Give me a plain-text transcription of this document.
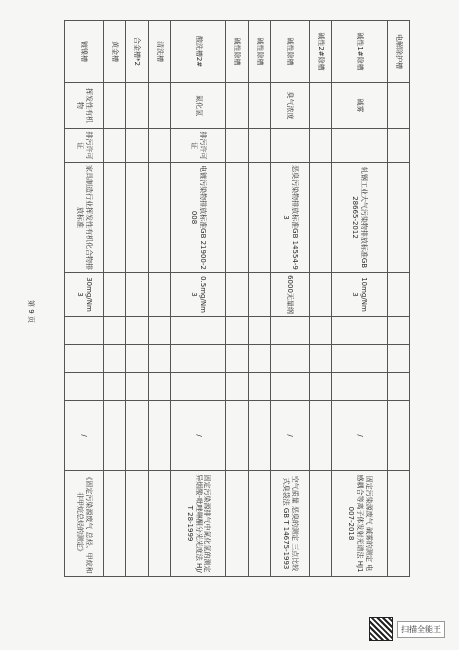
电解除护槽									
碱性1#除槽	碱雾		轧钢工业大气污染物排放标准GB 28665-2012	10mg/Nm3				/	固定污染源废气 碱雾的测定 电感耦合等离子体发射光谱法 HJ1007-2018
碱性2#除槽									
碱性除槽	臭气浓度		恶臭污染物排放标准GB 14554-93	6000无量纲				/	空气质量 恶臭的测定 三点比较式臭袋法 GB T 14675-1993
碱性除槽									
碱性除槽									
酸洗槽2#	氮化氢	排污许可证	电镀污染物排放标准GB 21900-2008	0.5mg/Nm3				/	固定污染源排气中氮化氢的测定 异烟酸-吡唑啉酮分光光度法 HJ/T 28-1999
清洗槽									
合金槽*2									
黄金槽									
镀镍槽	挥发性有机物	排污许可证	家具制造行业挥发性有机化合物排放标准	30mg/Nm3				/	《固定污染源废气 总烃、甲烷和非甲烷总烃的测定》
第 9 页
扫描全能王
